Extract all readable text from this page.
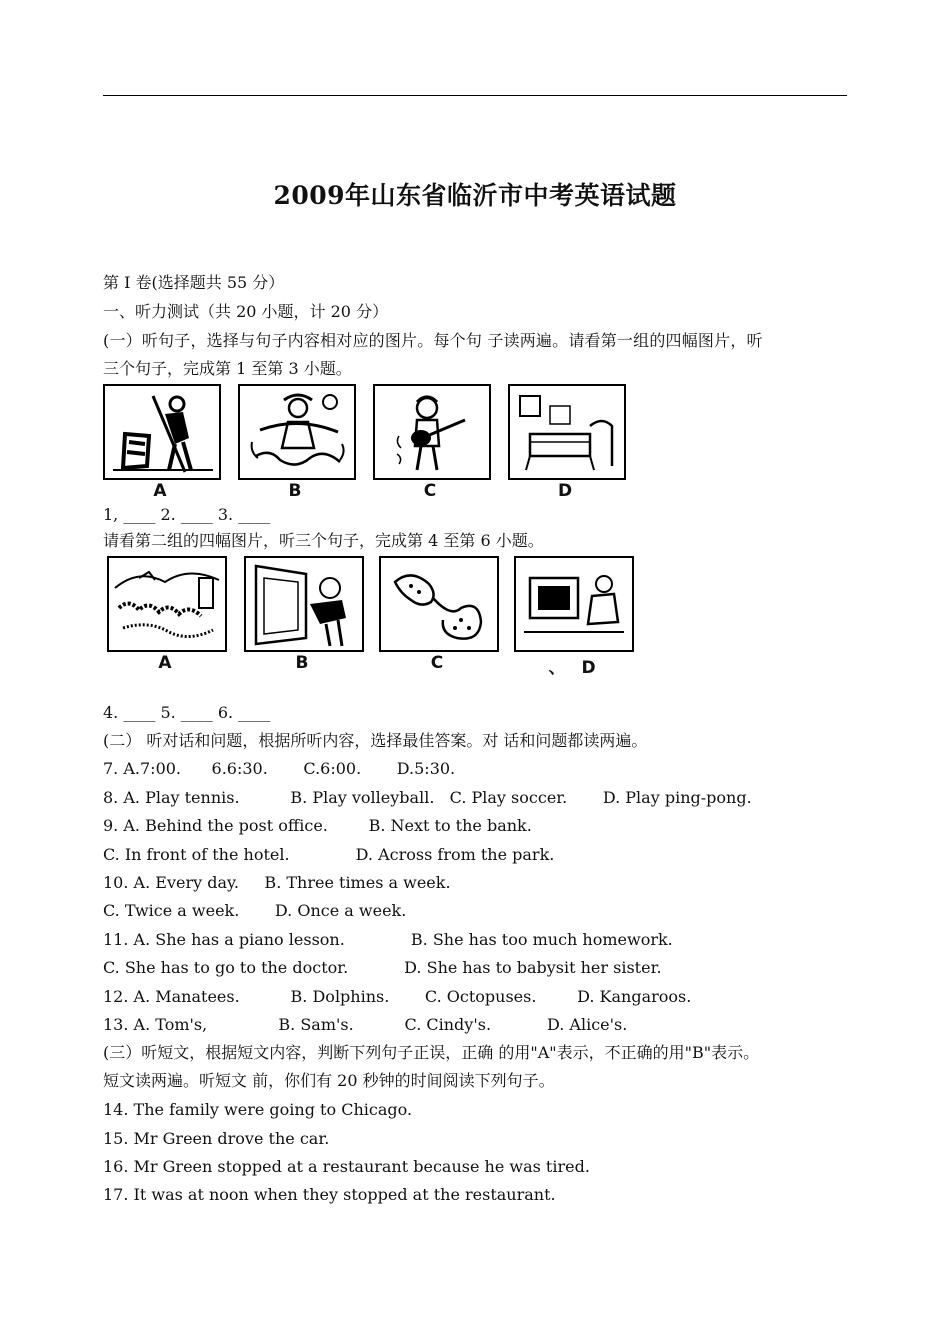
2009年山东省临沂市中考英语试题
第 I 卷(选择题共 55 分）
一、听力测试（共 20 小题，计 20 分）
(一）听句子，选择与句子内容相对应的图片。每个句 子读两遍。请看第一组的四幅图片，听
三个句子，完成第 1 至第 3 小题。
A	B	C	D
1, ____ 2. ____ 3. ____
请看第二组的四幅图片，听三个句子，完成第 4 至第 6 小题。
A	B	C	、 D
4. ____ 5. ____ 6. ____
(二） 听对话和问题，根据所听内容，选择最佳答案。对 话和问题都读两遍。
7. A.7:00.      6.6:30.       C.6:00.       D.5:30.
8. A. Play tennis.          B. Play volleyball.   C. Play soccer.       D. Play ping-pong.
9. A. Behind the post office.        B. Next to the bank.
C. In front of the hotel.             D. Across from the park.
10. A. Every day.     B. Three times a week.
C. Twice a week.       D. Once a week.
11. A. She has a piano lesson.             B. She has too much homework.
C. She has to go to the doctor.           D. She has to babysit her sister.
12. A. Manatees.          B. Dolphins.       C. Octopuses.        D. Kangaroos.
13. A. Tom's,              B. Sam's.          C. Cindy's.           D. Alice's.
(三）听短文，根据短文内容，判断下列句子正误，正确 的用"A"表示，不正确的用"B"表示。
短文读两遍。听短文 前，你们有 20 秒钟的时间阅读下列句子。
14. The family were going to Chicago.
15. Mr Green drove the car.
16. Mr Green stopped at a restaurant because he was tired.
17. It was at noon when they stopped at the restaurant.
